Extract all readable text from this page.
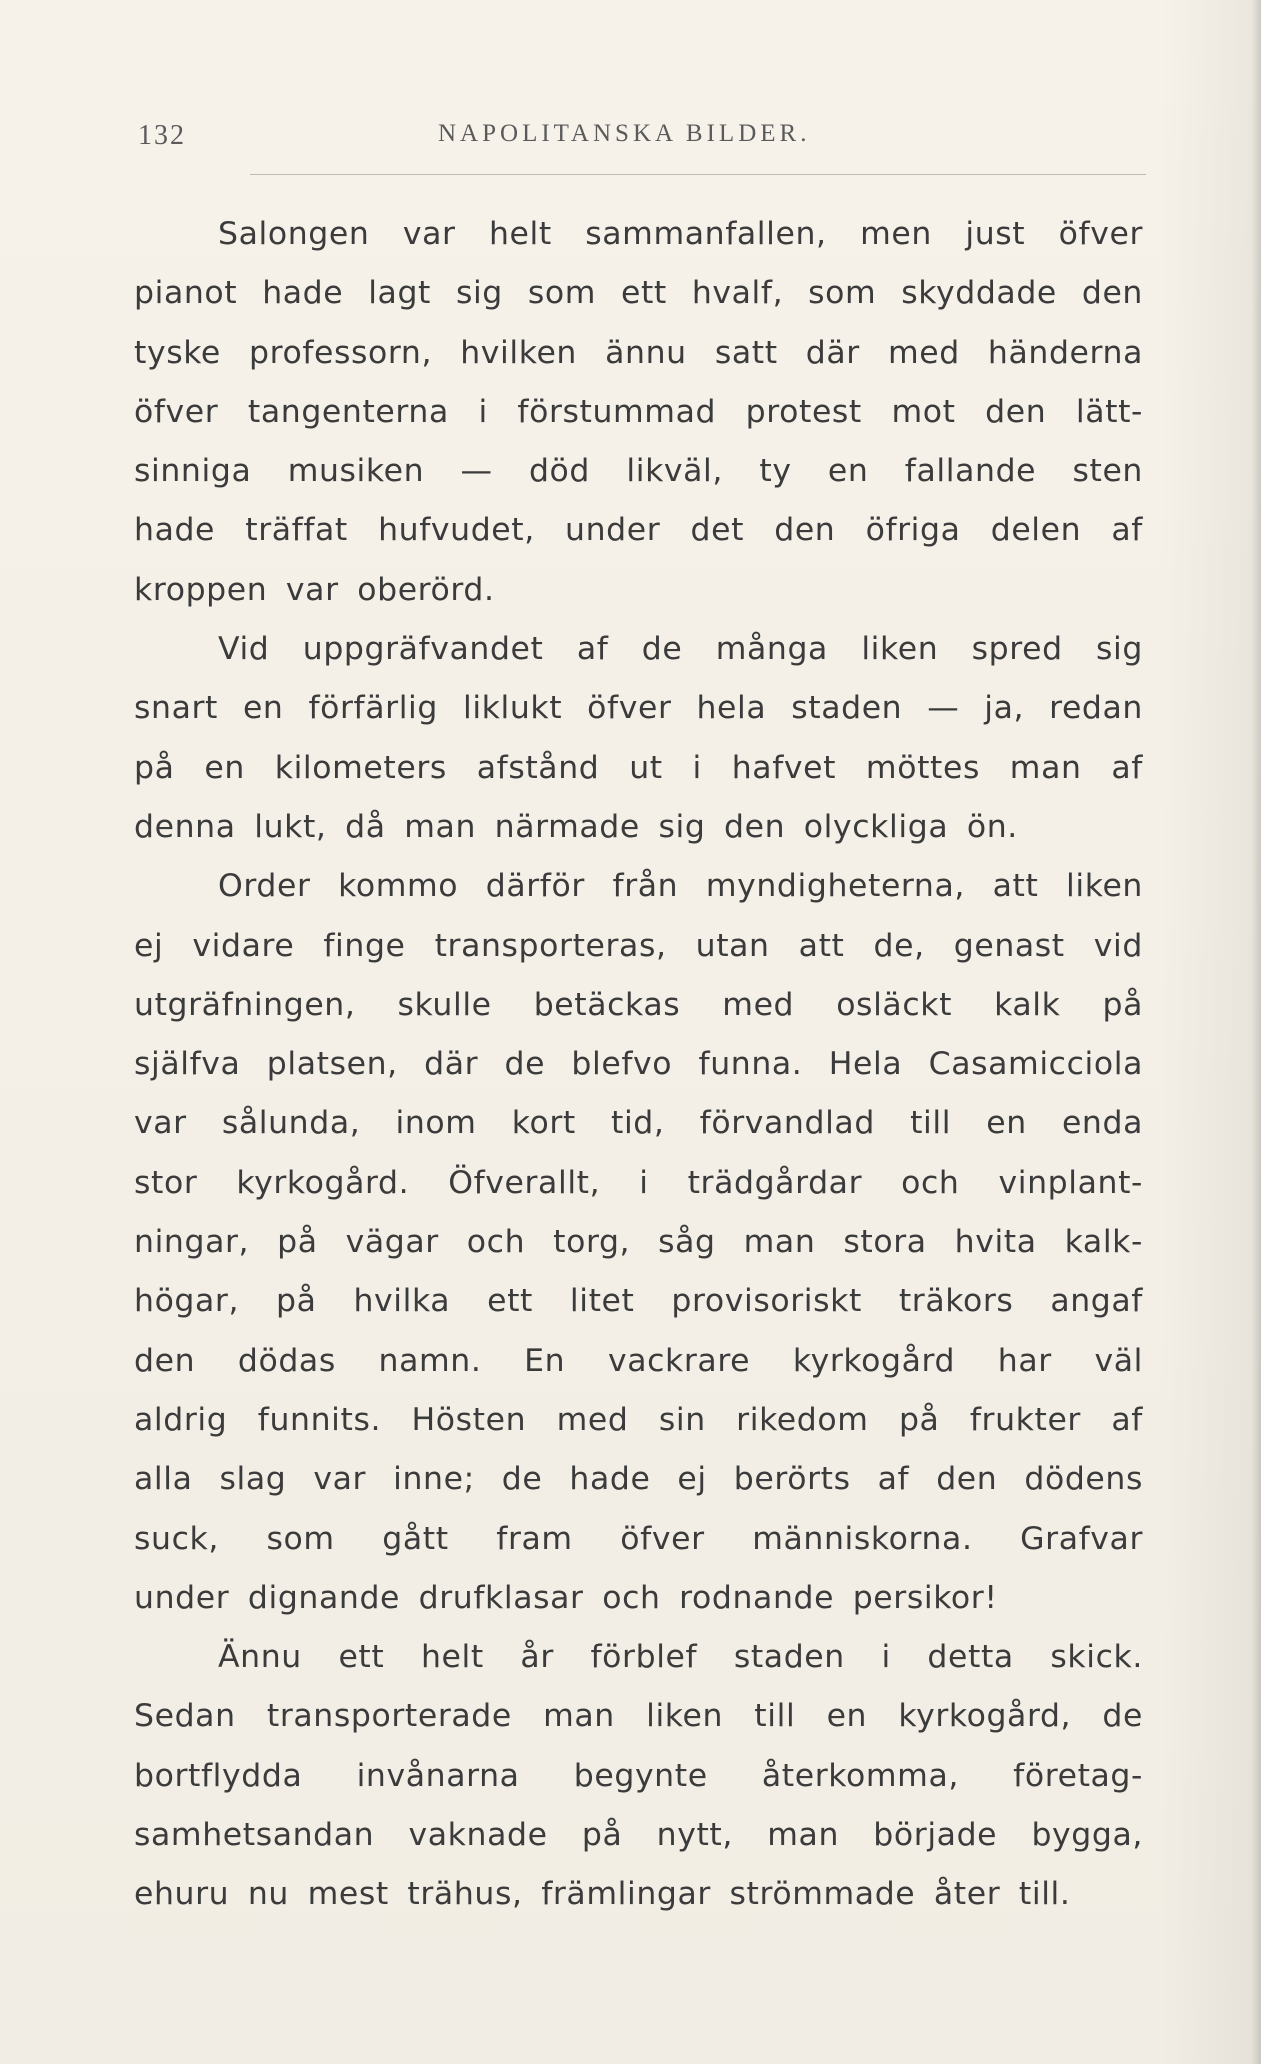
132	NAPOLITANSKA BILDER.
Salongen var helt sammanfallen, men just öfver
pianot hade lagt sig som ett hvalf, som skyddade den
tyske professorn, hvilken ännu satt där med händerna
öfver tangenterna i förstummad protest mot den lätt-
sinniga musiken — död likväl, ty en fallande sten
hade träffat hufvudet, under det den öfriga delen af
kroppen var oberörd.
Vid uppgräfvandet af de många liken spred sig
snart en förfärlig liklukt öfver hela staden — ja, redan
på en kilometers afstånd ut i hafvet möttes man af
denna lukt, då man närmade sig den olyckliga ön.
Order kommo därför från myndigheterna, att liken
ej vidare finge transporteras, utan att de, genast vid
utgräfningen, skulle betäckas med osläckt kalk på
själfva platsen, där de blefvo funna. Hela Casamicciola
var sålunda, inom kort tid, förvandlad till en enda
stor kyrkogård. Öfverallt, i trädgårdar och vinplant-
ningar, på vägar och torg, såg man stora hvita kalk-
högar, på hvilka ett litet provisoriskt träkors angaf
den dödas namn. En vackrare kyrkogård har väl
aldrig funnits. Hösten med sin rikedom på frukter af
alla slag var inne; de hade ej berörts af den dödens
suck, som gått fram öfver människorna. Grafvar
under dignande drufklasar och rodnande persikor!
Ännu ett helt år förblef staden i detta skick.
Sedan transporterade man liken till en kyrkogård, de
bortflydda invånarna begynte återkomma, företag-
samhetsandan vaknade på nytt, man började bygga,
ehuru nu mest trähus, främlingar strömmade åter till.
